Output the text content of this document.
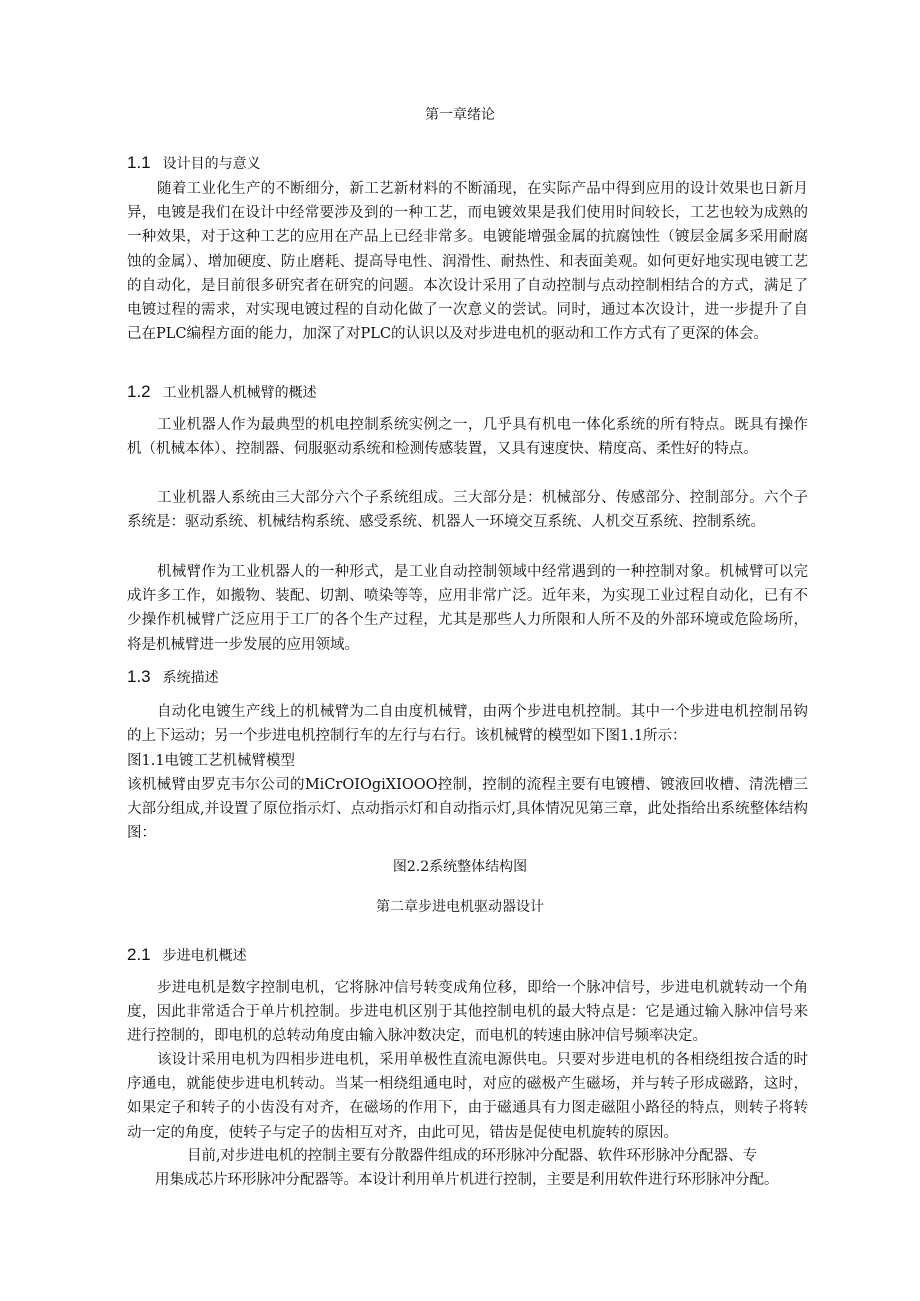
第一章绪论
1.1 设计目的与意义

随着工业化生产的不断细分，新工艺新材料的不断涌现，在实际产品中得到应用的设计效果也日新月异，电镀是我们在设计中经常要涉及到的一种工艺，而电镀效果是我们使用时间较长，工艺也较为成熟的一种效果，对于这种工艺的应用在产品上已经非常多。电镀能增强金属的抗腐蚀性（镀层金属多采用耐腐蚀的金属）、增加硬度、防止磨耗、提高导电性、润滑性、耐热性、和表面美观。如何更好地实现电镀工艺的自动化，是目前很多研究者在研究的问题。本次设计采用了自动控制与点动控制相结合的方式，满足了电镀过程的需求，对实现电镀过程的自动化做了一次意义的尝试。同时，通过本次设计，进一步提升了自己在PLC编程方面的能力，加深了对PLC的认识以及对步进电机的驱动和工作方式有了更深的体会。

1.2 工业机器人机械臂的概述

工业机器人作为最典型的机电控制系统实例之一，几乎具有机电一体化系统的所有特点。既具有操作机（机械本体）、控制器、伺服驱动系统和检测传感装置，又具有速度快、精度高、柔性好的特点。

工业机器人系统由三大部分六个子系统组成。三大部分是：机械部分、传感部分、控制部分。六个子系统是：驱动系统、机械结构系统、感受系统、机器人一环境交互系统、人机交互系统、控制系统。

机械臂作为工业机器人的一种形式，是工业自动控制领域中经常遇到的一种控制对象。机械臂可以完成许多工作，如搬物、装配、切割、喷染等等，应用非常广泛。近年来，为实现工业过程自动化，已有不少操作机械臂广泛应用于工厂的各个生产过程，尤其是那些人力所限和人所不及的外部环境或危险场所，将是机械臂进一步发展的应用领域。

1.3 系统描述

自动化电镀生产线上的机械臂为二自由度机械臂，由两个步进电机控制。其中一个步进电机控制吊钩的上下运动；另一个步进电机控制行车的左行与右行。该机械臂的模型如下图1.1所示：

图1.1电镀工艺机械臂模型

该机械臂由罗克韦尔公司的MiCrOIOgiXIOOO控制，控制的流程主要有电镀槽、镀液回收槽、清洗槽三大部分组成,并设置了原位指示灯、点动指示灯和自动指示灯,具体情况见第三章，此处指给出系统整体结构图：

图2.2系统整体结构图
第二章步进电机驱动器设计
2.1 步进电机概述

步进电机是数字控制电机，它将脉冲信号转变成角位移，即给一个脉冲信号，步进电机就转动一个角度，因此非常适合于单片机控制。步进电机区别于其他控制电机的最大特点是：它是通过输入脉冲信号来进行控制的，即电机的总转动角度由输入脉冲数决定，而电机的转速由脉冲信号频率决定。

该设计采用电机为四相步进电机，采用单极性直流电源供电。只要对步进电机的各相绕组按合适的时序通电，就能使步进电机转动。当某一相绕组通电时，对应的磁极产生磁场，并与转子形成磁路，这时，如果定子和转子的小齿没有对齐，在磁场的作用下，由于磁通具有力图走磁阻小路径的特点，则转子将转动一定的角度，使转子与定子的齿相互对齐，由此可见，错齿是促使电机旋转的原因。

目前,对步进电机的控制主要有分散器件组成的环形脉冲分配器、软件环形脉冲分配器、专
用集成芯片环形脉冲分配器等。本设计利用单片机进行控制，主要是利用软件进行环形脉冲分配。
